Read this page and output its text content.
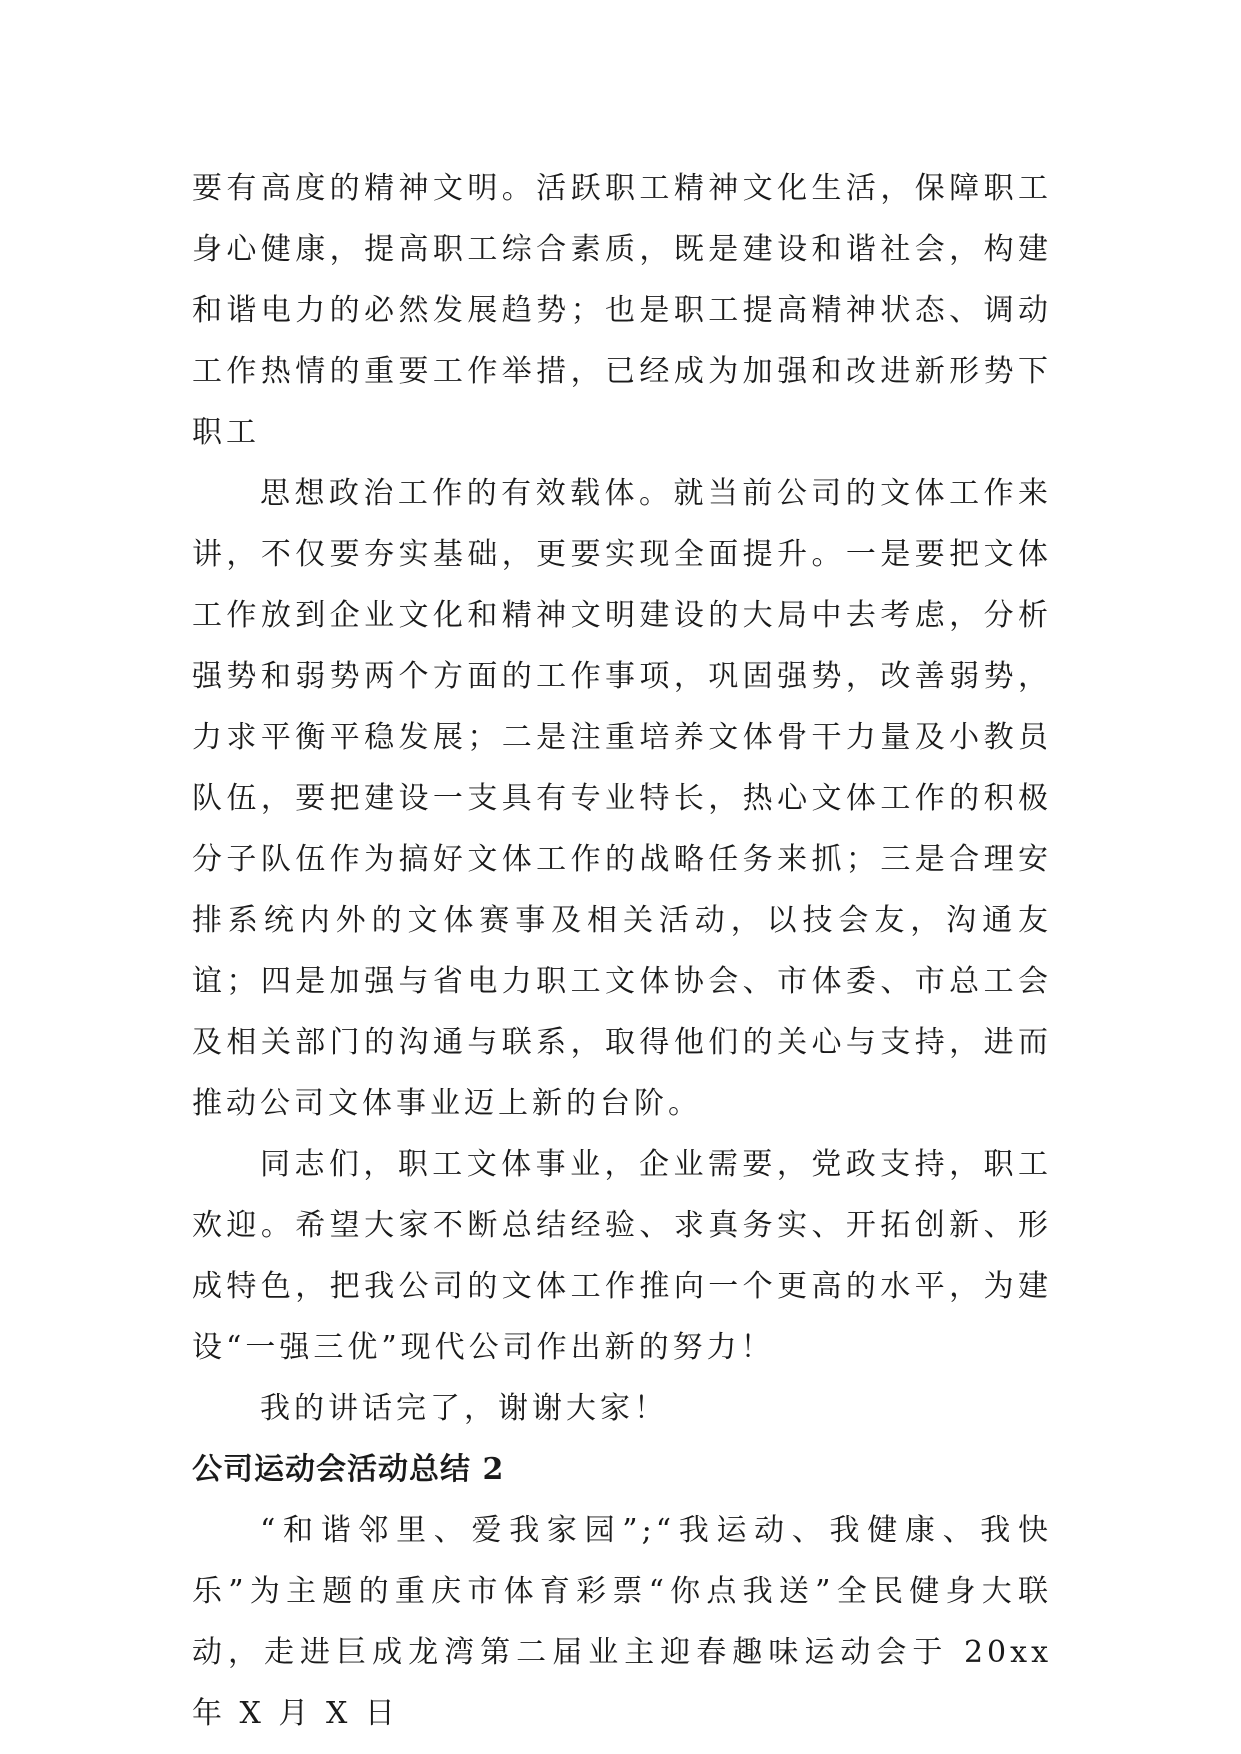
要有高度的精神文明。活跃职工精神文化生活，保障职工身心健康，提高职工综合素质，既是建设和谐社会，构建和谐电力的必然发展趋势；也是职工提高精神状态、调动工作热情的重要工作举措，已经成为加强和改进新形势下职工

思想政治工作的有效载体。就当前公司的文体工作来讲，不仅要夯实基础，更要实现全面提升。一是要把文体工作放到企业文化和精神文明建设的大局中去考虑，分析强势和弱势两个方面的工作事项，巩固强势，改善弱势，力求平衡平稳发展；二是注重培养文体骨干力量及小教员队伍，要把建设一支具有专业特长，热心文体工作的积极分子队伍作为搞好文体工作的战略任务来抓；三是合理安排系统内外的文体赛事及相关活动，以技会友，沟通友谊；四是加强与省电力职工文体协会、市体委、市总工会及相关部门的沟通与联系，取得他们的关心与支持，进而推动公司文体事业迈上新的台阶。

同志们，职工文体事业，企业需要，党政支持，职工欢迎。希望大家不断总结经验、求真务实、开拓创新、形成特色，把我公司的文体工作推向一个更高的水平，为建设“一强三优”现代公司作出新的努力！

我的讲话完了，谢谢大家！

公司运动会活动总结 2

“和谐邻里、爱我家园”;“我运动、我健康、我快乐”为主题的重庆市体育彩票“你点我送”全民健身大联动，走进巨成龙湾第二届业主迎春趣味运动会于 20xx 年 X 月 X 日
